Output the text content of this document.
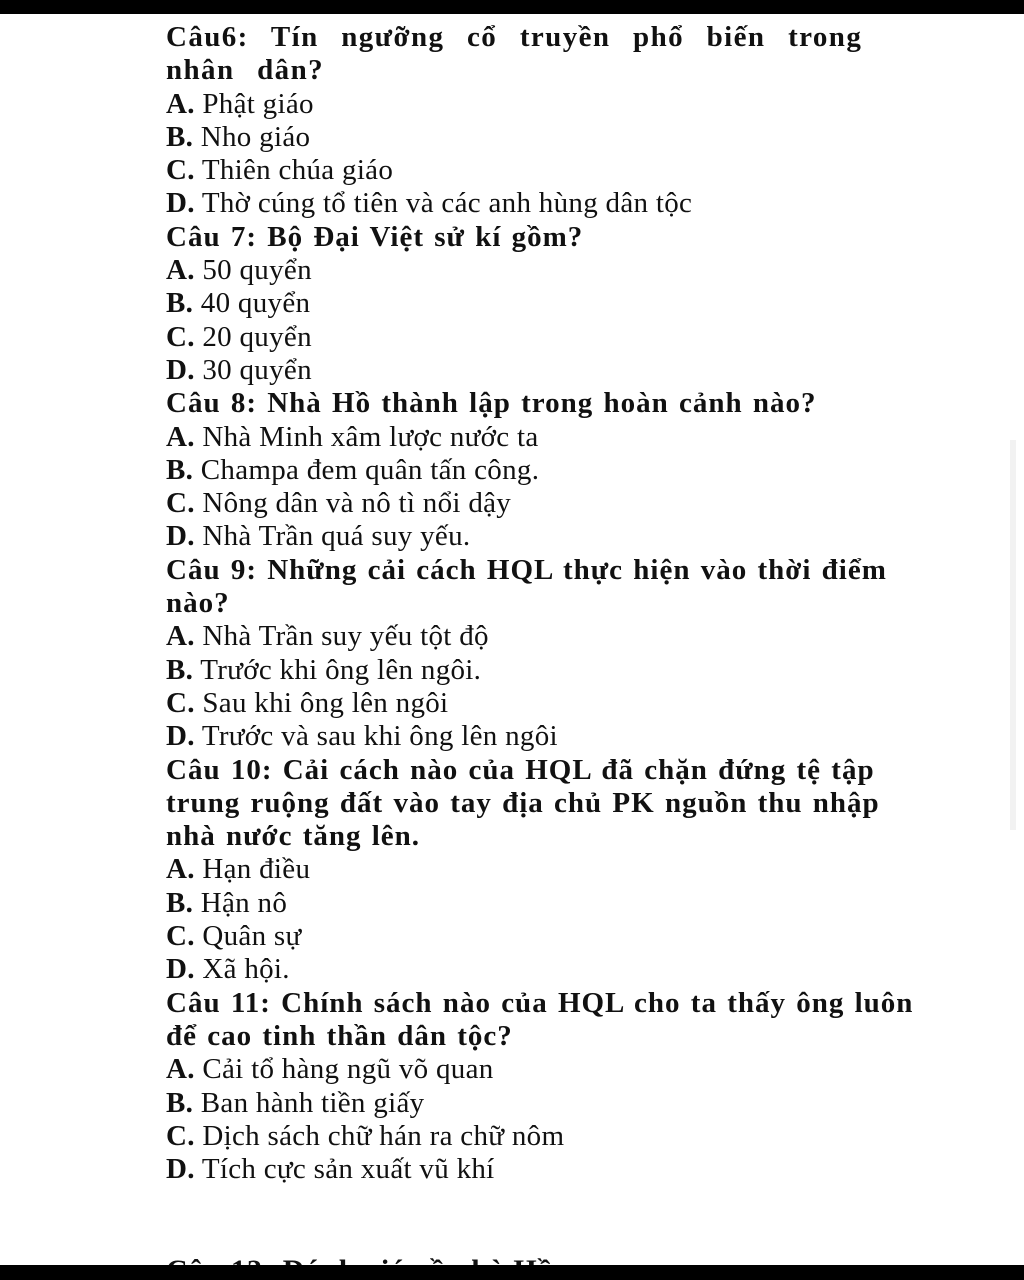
Câu6: Tín ngưỡng cổ truyền phổ biến trong nhân dân?

A. Phật giáo

B. Nho giáo

C. Thiên chúa giáo

D. Thờ cúng tổ tiên và các anh hùng dân tộc

Câu 7: Bộ Đại Việt sử kí gồm?

A. 50 quyển

B. 40 quyển

C. 20 quyển

D. 30 quyển

Câu 8: Nhà Hồ thành lập trong hoàn cảnh nào?

A. Nhà Minh xâm lược nước ta

B. Champa đem quân tấn công.

C. Nông dân và nô tì nổi dậy

D. Nhà Trần quá suy yếu.

Câu 9: Những cải cách HQL thực hiện vào thời điểm nào?

A. Nhà Trần suy yếu tột độ

B. Trước khi ông lên ngôi.

C. Sau khi ông lên ngôi

D. Trước và sau khi ông lên ngôi

Câu 10: Cải cách nào của HQL đã chặn đứng tệ tập trung ruộng đất vào tay địa chủ PK nguồn thu nhập nhà nước tăng lên.

A. Hạn điều

B. Hận nô

C. Quân sự

D. Xã hội.

Câu 11: Chính sách nào của HQL cho ta thấy ông luôn để cao tinh thần dân tộc?

A. Cải tổ hàng ngũ võ quan

B. Ban hành tiền giấy

C. Dịch sách chữ hán ra chữ nôm

D. Tích cực sản xuất vũ khí
